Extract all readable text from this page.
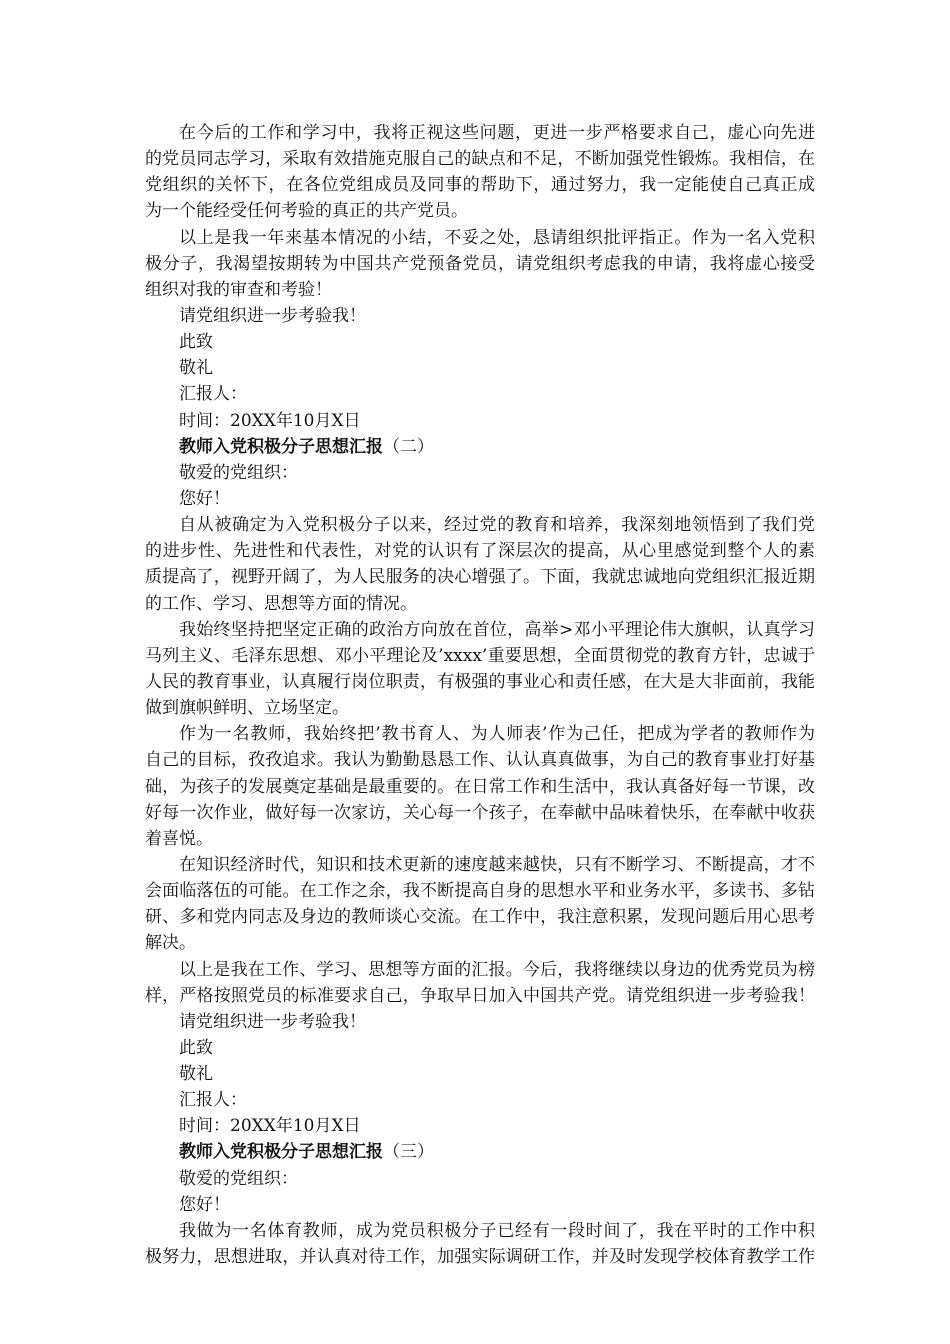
在今后的工作和学习中，我将正视这些问题，更进一步严格要求自己，虚心向先进
的党员同志学习，采取有效措施克服自己的缺点和不足，不断加强党性锻炼。我相信，在
党组织的关怀下，在各位党组成员及同事的帮助下，通过努力，我一定能使自己真正成
为一个能经受任何考验的真正的共产党员。
以上是我一年来基本情况的小结，不妥之处，恳请组织批评指正。作为一名入党积
极分子，我渴望按期转为中国共产党预备党员，请党组织考虑我的申请，我将虚心接受
组织对我的审查和考验！
请党组织进一步考验我！
此致
敬礼
汇报人：
时间：20XX年10月X日
教师入党积极分子思想汇报（二）
敬爱的党组织：
您好！
自从被确定为入党积极分子以来，经过党的教育和培养，我深刻地领悟到了我们党
的进步性、先进性和代表性，对党的认识有了深层次的提高，从心里感觉到整个人的素
质提高了，视野开阔了，为人民服务的决心增强了。下面，我就忠诚地向党组织汇报近期
的工作、学习、思想等方面的情况。
我始终坚持把坚定正确的政治方向放在首位，高举>邓小平理论伟大旗帜，认真学习
马列主义、毛泽东思想、邓小平理论及’xxxx’重要思想，全面贯彻党的教育方针，忠诚于
人民的教育事业，认真履行岗位职责，有极强的事业心和责任感，在大是大非面前，我能
做到旗帜鲜明、立场坚定。
作为一名教师，我始终把’教书育人、为人师表’作为己任，把成为学者的教师作为
自己的目标，孜孜追求。我认为勤勤恳恳工作、认认真真做事，为自己的教育事业打好基
础，为孩子的发展奠定基础是最重要的。在日常工作和生活中，我认真备好每一节课，改
好每一次作业，做好每一次家访，关心每一个孩子，在奉献中品味着快乐，在奉献中收获
着喜悦。
在知识经济时代，知识和技术更新的速度越来越快，只有不断学习、不断提高，才不
会面临落伍的可能。在工作之余，我不断提高自身的思想水平和业务水平，多读书、多钻
研、多和党内同志及身边的教师谈心交流。在工作中，我注意积累，发现问题后用心思考
解决。
以上是我在工作、学习、思想等方面的汇报。今后，我将继续以身边的优秀党员为榜
样，严格按照党员的标准要求自己，争取早日加入中国共产党。请党组织进一步考验我！
请党组织进一步考验我！
此致
敬礼
汇报人：
时间：20XX年10月X日
教师入党积极分子思想汇报（三）
敬爱的党组织：
您好！
我做为一名体育教师，成为党员积极分子已经有一段时间了，我在平时的工作中积
极努力，思想进取，并认真对待工作，加强实际调研工作，并及时发现学校体育教学工作
